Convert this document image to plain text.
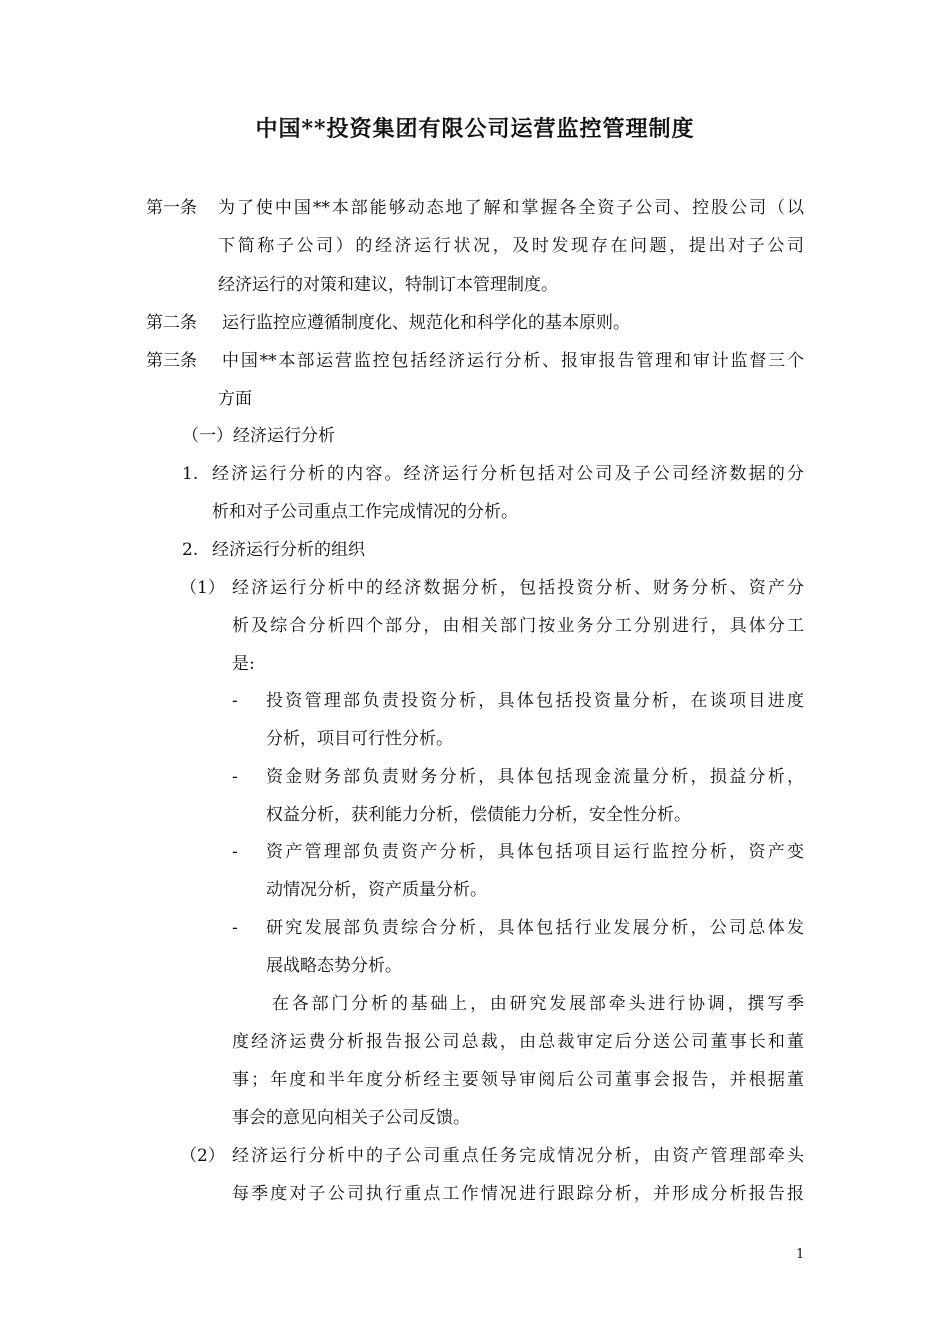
中国**投资集团有限公司运营监控管理制度
第一条 为了使中国**本部能够动态地了解和掌握各全资子公司、控股公司（以
下简称子公司）的经济运行状况，及时发现存在问题，提出对子公司
经济运行的对策和建议，特制订本管理制度。
第二条 运行监控应遵循制度化、规范化和科学化的基本原则。
第三条 中国**本部运营监控包括经济运行分析、报审报告管理和审计监督三个
方面
（一）经济运行分析
1. 经济运行分析的内容。经济运行分析包括对公司及子公司经济数据的分
析和对子公司重点工作完成情况的分析。
2. 经济运行分析的组织
（1） 经济运行分析中的经济数据分析，包括投资分析、财务分析、资产分
析及综合分析四个部分，由相关部门按业务分工分别进行，具体分工
是:
- 投资管理部负责投资分析，具体包括投资量分析，在谈项目进度
分析，项目可行性分析。
- 资金财务部负责财务分析，具体包括现金流量分析，损益分析，
权益分析，获利能力分析，偿债能力分析，安全性分析。
- 资产管理部负责资产分析，具体包括项目运行监控分析，资产变
动情况分析，资产质量分析。
- 研究发展部负责综合分析，具体包括行业发展分析，公司总体发
展战略态势分析。
在各部门分析的基础上，由研究发展部牵头进行协调，撰写季
度经济运费分析报告报公司总裁，由总裁审定后分送公司董事长和董
事；年度和半年度分析经主要领导审阅后公司董事会报告，并根据董
事会的意见向相关子公司反馈。
（2） 经济运行分析中的子公司重点任务完成情况分析，由资产管理部牵头
每季度对子公司执行重点工作情况进行跟踪分析，并形成分析报告报
1
